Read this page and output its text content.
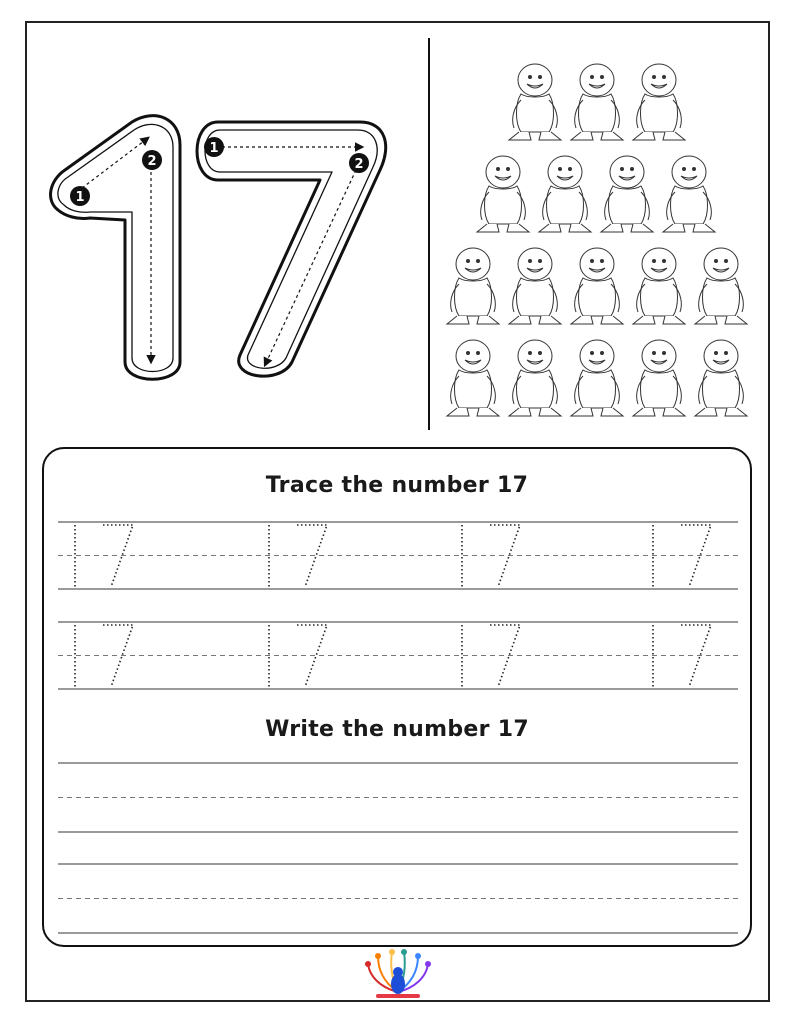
1
2
1
2
Trace the number 17
Write the number 17
